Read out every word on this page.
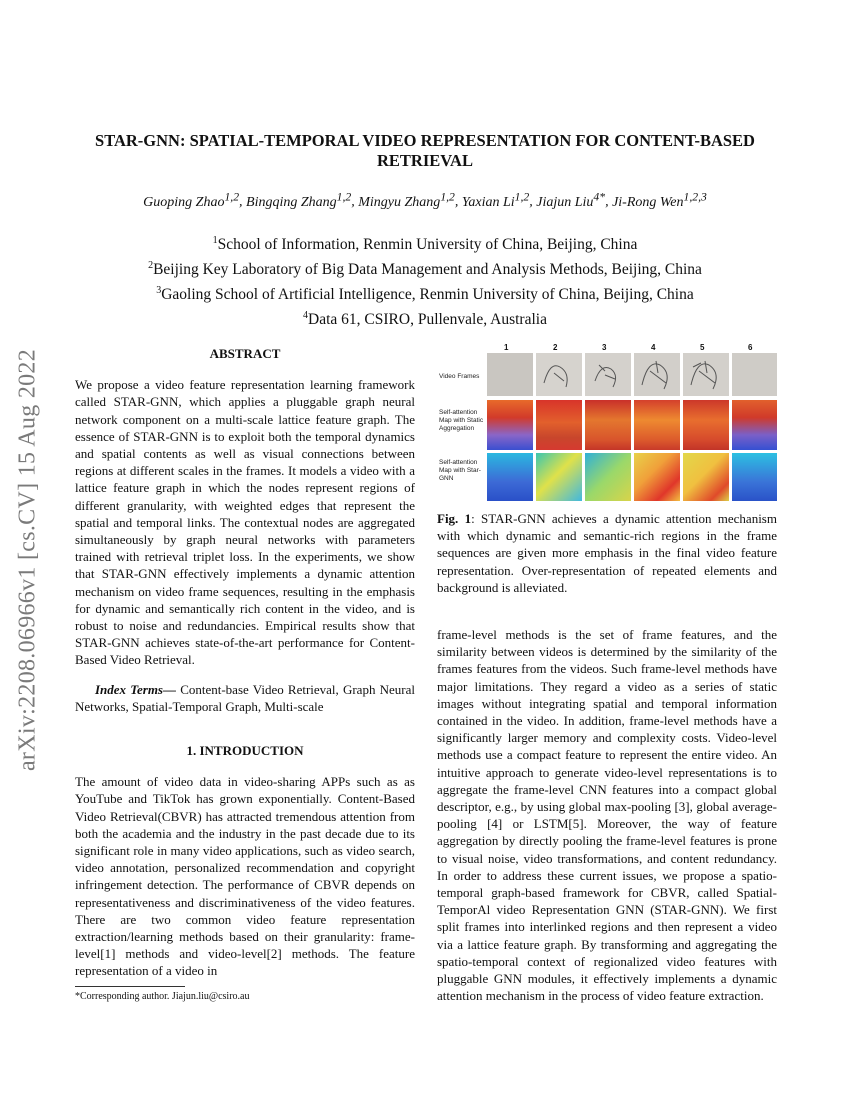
arXiv:2208.06966v1 [cs.CV] 15 Aug 2022
STAR-GNN: SPATIAL-TEMPORAL VIDEO REPRESENTATION FOR CONTENT-BASED RETRIEVAL
Guoping Zhao$^{1,2}$, Bingqing Zhang$^{1,2}$, Mingyu Zhang$^{1,2}$, Yaxian Li$^{1,2}$, Jiajun Liu$^{4*}$, Ji-Rong Wen$^{1,2,3}$
$^1$School of Information, Renmin University of China, Beijing, China
$^2$Beijing Key Laboratory of Big Data Management and Analysis Methods, Beijing, China
$^3$Gaoling School of Artificial Intelligence, Renmin University of China, Beijing, China
$^4$Data 61, CSIRO, Pullenvale, Australia
ABSTRACT

We propose a video feature representation learning framework called STAR-GNN, which applies a pluggable graph neural network component on a multi-scale lattice feature graph. The essence of STAR-GNN is to exploit both the temporal dynamics and spatial contents as well as visual connections between regions at different scales in the frames. It models a video with a lattice feature graph in which the nodes represent regions of different granularity, with weighted edges that represent the spatial and temporal links. The contextual nodes are aggregated simultaneously by graph neural networks with parameters trained with retrieval triplet loss. In the experiments, we show that STAR-GNN effectively implements a dynamic attention mechanism on video frame sequences, resulting in the emphasis for dynamic and semantically rich content in the video, and is robust to noise and redundancies. Empirical results show that STAR-GNN achieves state-of-the-art performance for Content-Based Video Retrieval.

Index Terms— Content-base Video Retrieval, Graph Neural Networks, Spatial-Temporal Graph, Multi-scale

1. INTRODUCTION

The amount of video data in video-sharing APPs such as as YouTube and TikTok has grown exponentially. Content-Based Video Retrieval(CBVR) has attracted tremendous attention from both the academia and the industry in the past decade due to its significant role in many video applications, such as video search, video annotation, personalized recommendation and copyright infringement detection. The performance of CBVR depends on representativeness and discriminativeness of the video features. There are two common video feature representation extraction/learning methods based on their granularity: frame-level[1] methods and video-level[2] methods. The feature representation of a video in

1	2	3	4	5	6
Video Frames
Self-attention Map with Static Aggregation
Self-attention Map with Star-GNN
Fig. 1: STAR-GNN achieves a dynamic attention mechanism with which dynamic and semantic-rich regions in the frame sequences are given more emphasis in the final video feature representation. Over-representation of repeated elements and background is alleviated.

frame-level methods is the set of frame features, and the similarity between videos is determined by the similarity of the frames features from the videos. Such frame-level methods have major limitations. They regard a video as a series of static images without integrating spatial and temporal information contained in the video. In addition, frame-level methods have a significantly larger memory and complexity costs. Video-level methods use a compact feature to represent the entire video. An intuitive approach to generate video-level representations is to aggregate the frame-level CNN features into a compact global descriptor, e.g., by using global max-pooling [3], global average-pooling [4] or LSTM[5]. Moreover, the way of feature aggregation by directly pooling the frame-level features is prone to visual noise, video transformations, and content redundancy. In order to address these current issues, we propose a spatio-temporal graph-based framework for CBVR, called Spatial-TemporAl video Representation GNN (STAR-GNN). We first split frames into interlinked regions and then represent a video via a lattice feature graph. By transforming and aggregating the spatio-temporal context of regionalized video features with pluggable GNN modules, it effectively implements a dynamic attention mechanism in the process of video feature extraction.

*Corresponding author. Jiajun.liu@csiro.au
